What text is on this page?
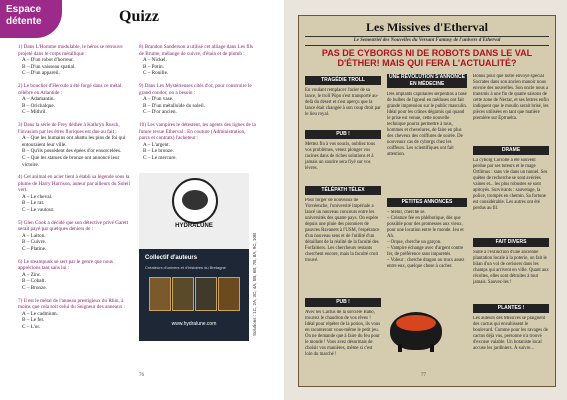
Espace
détente	Quizz
1) Dans L'Homme modulable, le héros se retrouve projeté dans le corps métallique :
A – D'un robot d'horreur.
B – D'un vaisseau spatial.
C – D'un appareil.
2) Le bouclier d'Hercule a été forgé dans ce métal célèbre en Atlantide :
A – Adamantin.
B – Orichalque.
C – Mithril.
3) Dans la série de Frey dédiée à Kathryn Rusch, l'invasion par les êtres fluriques est due au fait :
A – Que les humains ont abattu les pins de foi qui entouraient leur ville.
B – Qu'ils possèdent des épées d'or ensorcelées.
C – Que les statues de bronze ont annoncé leur victoire.
4) Cet animal en acier tient à établi sa légende sous la plume de Harry Harrison, auteur par ailleurs du Soleil vert.
A – Le cheval.
B – Le rat.
C – Le vautour.
5) Glen Cook a décidé que son détective privé Garett serait payé par quelques deniers de :
A – Laiton.
B – Cuivre.
C – Platine.
6) Le steampunk se sert par le genre que nous apprécions tant sans lui :
A – Zinc.
B – Cobalt.
C – Bronze.
7) Il est le métal de l'anneau prestigieux du Rhin, à moins que cela soit celui du Seigneur des anneaux :
A – Le cadmium.
B – Le fer.
C – L'or.
8) Brandon Sanderson a utilisé cet alliage dans Les fils de Brume, mélange de cuivre, d'étain et de plomb :
A – Nickel.
B – Potin.
C – Rouille.
9) Dans Les Mystérieuses cités d'or, pour construire le grand condor, on a besoin :
A – D'un vase.
B – D'un métalloïde du soleil.
C – D'or ancien.
10) Les vampires le détestent, les agents des lignes de la future revue Etherval : En couture (Administration, parcs et contrats) l'acheteur :
A – L'argent.
B – Le bronze.
C – Le mercure.
HYDRALUNE
Collectif d'auteurs
Créateurs d'univers et d'histoires du Bretagne
www.hydralune.com	Solutions : 1C, 2A, 3C, 4A, 5B, 6B, 7B, 8A, 9C, 10B
76
Les Missives d'Etherval
Le Semestriel des Nouvelles du Versant Fantasy de l'univers d'Etherval
PAS DE CYBORGS NI DE ROBOTS DANS LE VAL D'ÉTHER! MAIS QUI FERA L'ACTUALITÉ?
TRAGÉDIE TROLL
En voulant remplacer l'acier de sa lance, le troll Pöpo s'est transporté au-delà du désert et s'est aperçu que la lance était changée à son coup droit par le lieu royal.
PUB !
Mettez fin à vos soucis, oubliez tous vos problèmes, venez plonger vos racines dans de riches solutions et à jamais un sourire sera fiyé sur vos lèvres.
TÉLÉPATH TÉLEX
Pour forger de nouveaux de Yorcéenche, l'université impériale a lancé un nouveau concours entre les universités des quatre pays. On espère depuis une pluie des pionniers de pauvres Ravanets à l'USM, l'espérance d'un nouveau sens et de l'utilité d'un détaillant de la réalité de la faculté des Forfaitiers. Les chercheurs restants cherchent encore, mais la faculté croit trouvé.
PUB !
Avec les Cactus de la sorcière Babo, trouvez le chaudron de vos rêves ! Idéal pour répéter de la potion, ils vous en raconteront vous-même le petit jeu. On ne demande que à faire du feu pour le monde ! Vous avez désormais de choisir vos manières, même si c'est loin du marché !
UNE RÉVOLUTION S'ANNONCE EN MÉDECINE
Des implants capillaires serpentins à base de bulbes de ligneul en méduses ont fait grande impression sur le public masculin. Idéal pour les crânes dégarnis qui quand le prise est venue, cette nouvelle technique pourra permettre à tous, hommes et chevelures, de faire en plus des cheveux des coiffures de soirée. De nouveaux cas de cyborgs chez les coiffeurs. Les scientifiques ont fait attention.
PETITES ANNONCES
– Stenir, cherche se.
– Créature fée en phlébotique, dès que possible pour des promesses aux vieux, pour une location entre le monde. Jeu et Ah.
– Orque, cherche un garçon.
– Vampire échange avec d'argent contre fer, de préférence sans impuretés.
– Voleur : cherche dragon ou trucs assez entre eux, quelque chose à cacher.
Bonus pour que notre envoyé spécial Socrates dans son ancien manoir nous envoie des nouvelles. Son oncle nous a transmis à une fin de quatre saisons de cette zone de Nectar, et ses lettres enfin indiquent que le moulin serait brisé, les pièces utilisées en tant que matière première sur Eptruelta.
DRAME
La cyborg Coriolle a été souvent perdue par ses tuteurs et le mage Ortlimus : sans vie dans un tunnel. Ses quêtes de recherche se sont avérées vaines et... les plus robustes se sont apitoyés. Survivants : sauvetage, la police, trompés en chemin. Sa fortune est considérable. Les autres ont été perdus au fil.
FAIT DIVERS
Suite à l'extinction d'une ancienne plantation locale à la poterie, on fait le bilan d'un vol de cerisiers dans les champs qui arrivent en ville. Quant aux récoltes, elles sont détruites à tout jamais. Sauvez-les !
PLANTES !
Les auteurs des Missives se plaignent des cactus qui envahissent le boulevard. Comme pour les ravages de cactus déjà vus, personne n'a trouvé d'excuse valable. Un botaniste local accuse les jardiniers. À suivre...
77
